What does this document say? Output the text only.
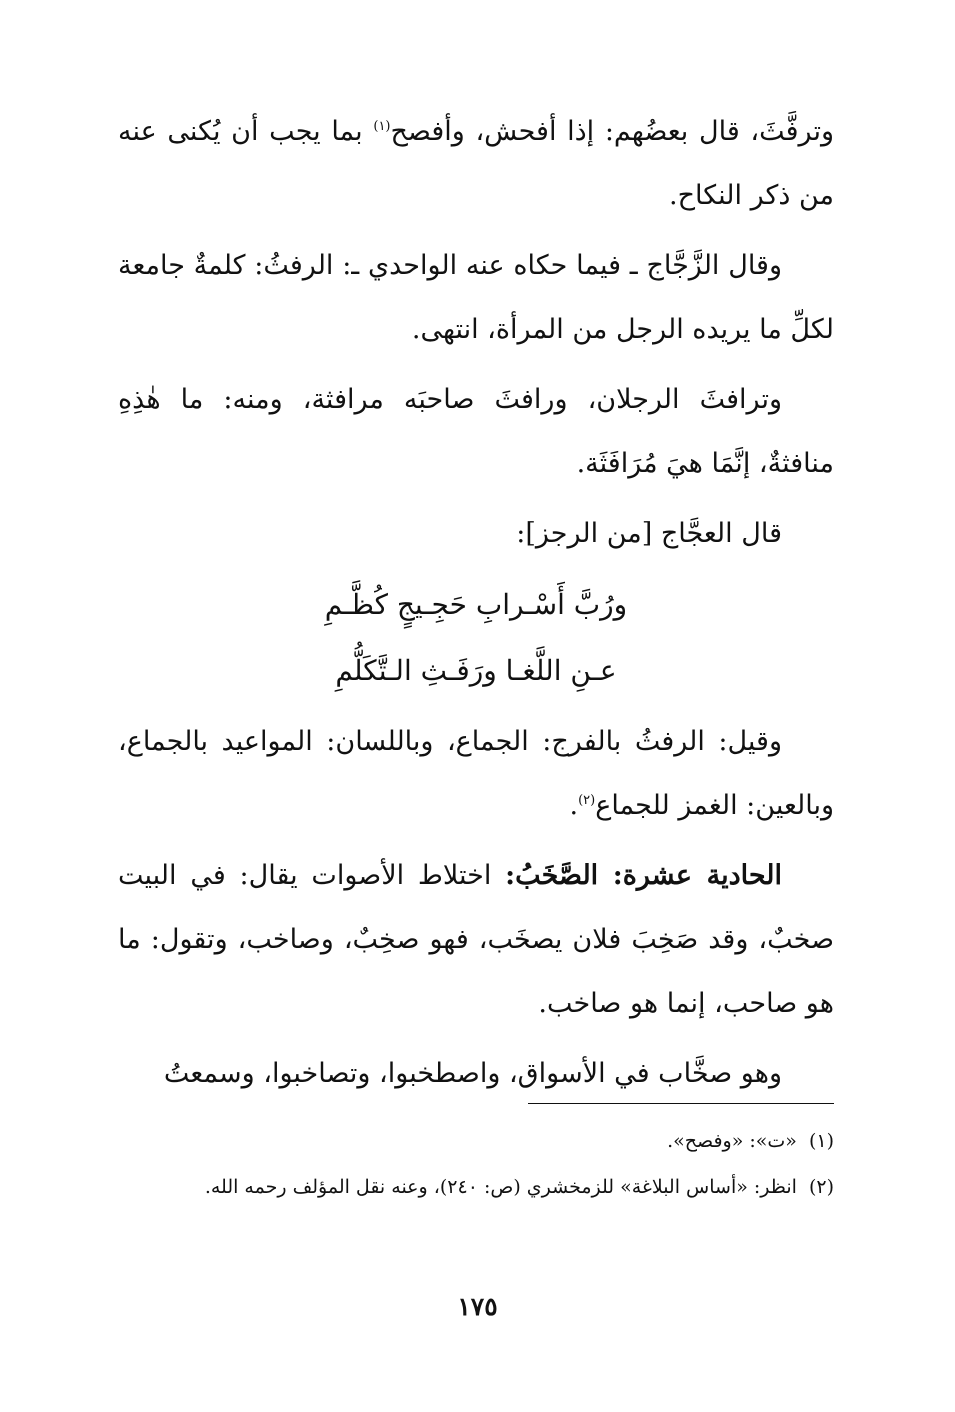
وترفَّثَ، قال بعضُهم: إذا أفحش، وأفصح$^{(١)}$ بما يجب أن يُكنى عنه من ذكر النكاح.

وقال الزَّجَّاج ـ فيما حكاه عنه الواحدي ـ: الرفثُ: كلمةٌ جامعة لكلِّ ما يريده الرجل من المرأة، انتهى.

وترافثَ الرجلان، ورافثَ صاحبَه مرافثة، ومنه: ما هٰذِهِ منافثةٌ، إنَّمَا هيَ مُرَافَثَة.

قال العجَّاج [من الرجز]:

ورُبَّ أَسْـرابِ حَجِـيجٍ كُظَّـمِ

عـنِ اللَّغـا ورَفَـثِ الـتَّكَلُّمِ

وقيل: الرفثُ بالفرج: الجماع، وباللسان: المواعيد بالجماع، وبالعين: الغمز للجماع$^{(٢)}$.

الحادية عشرة: الصَّخَبُ: اختلاط الأصوات يقال: في البيت صخبٌ، وقد صَخِبَ فلان يصخَب، فهو صخِبٌ، وصاخب، وتقول: ما هو صاحب، إنما هو صاخب.

وهو صخَّاب في الأسواق، واصطخبوا، وتصاخبوا، وسمعتُ

(١)«ت»: «وفصح».

(٢)انظر: «أساس البلاغة» للزمخشري (ص: ٢٤٠)، وعنه نقل المؤلف رحمه الله.

١٧٥
